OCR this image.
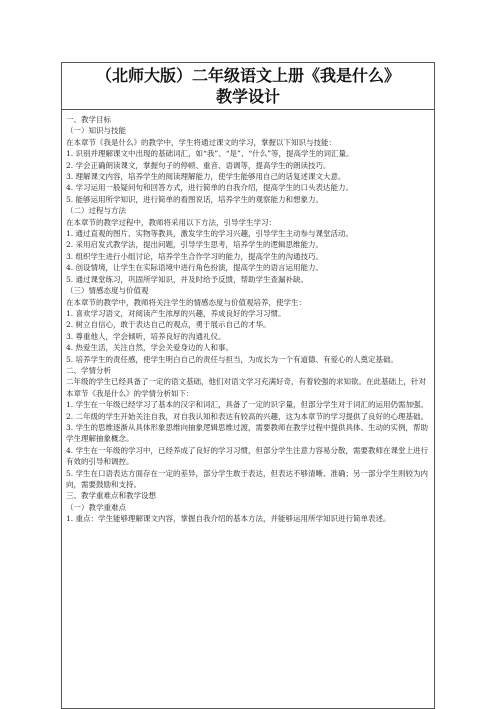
（北师大版）二年级语文上册《我是什么》
教学设计

一、教学目标

（一）知识与技能

在本章节《我是什么》的教学中，学生将通过课文的学习，掌握以下知识与技能：

1. 识别并理解课文中出现的基础词汇，如“我”、“是”、“什么”等，提高学生的词汇量。

2. 学会正确朗读课文，掌握句子的停顿、重音、语调等，提高学生的朗读技巧。

3. 理解课文内容，培养学生的阅读理解能力，使学生能够用自己的话复述课文大意。

4. 学习运用一般疑问句和回答方式，进行简单的自我介绍，提高学生的口头表达能力。

5. 能够运用所学知识，进行简单的看图说话，培养学生的观察能力和想象力。

（二）过程与方法

在本章节的教学过程中，教师将采用以下方法，引导学生学习：

1. 通过直观的图片、实物等教具，激发学生的学习兴趣，引导学生主动参与课堂活动。

2. 采用启发式教学法，提出问题，引导学生思考，培养学生的逻辑思维能力。

3. 组织学生进行小组讨论，培养学生合作学习的能力，提高学生的沟通技巧。

4. 创设情境，让学生在实际语境中进行角色扮演，提高学生的语言运用能力。

5. 通过课堂练习，巩固所学知识，并及时给予反馈，帮助学生查漏补缺。

（三）情感态度与价值观

在本章节的教学中，教师将关注学生的情感态度与价值观培养，使学生：

1. 喜欢学习语文，对阅读产生浓厚的兴趣，养成良好的学习习惯。

2. 树立自信心，敢于表达自己的观点，勇于展示自己的才华。

3. 尊重他人，学会倾听，培养良好的沟通礼仪。

4. 热爱生活，关注自然，学会关爱身边的人和事。

5. 培养学生的责任感，使学生明白自己的责任与担当，为成长为一个有道德、有爱心的人奠定基础。

二、学情分析

二年级的学生已经具备了一定的语文基础，他们对语文学习充满好奇，有着较强的求知欲。在此基础上，针对本章节《我是什么》的学情分析如下：

1. 学生在一年级已经学习了基本的汉字和词汇，具备了一定的识字量，但部分学生对于词汇的运用仍需加强。

2. 二年级的学生开始关注自我，对自我认知和表达有较高的兴趣，这为本章节的学习提供了良好的心理基础。

3. 学生的思维逐渐从具体形象思维向抽象逻辑思维过渡，需要教师在教学过程中提供具体、生动的实例，帮助学生理解抽象概念。

4. 学生在一年级的学习中，已经养成了良好的学习习惯，但部分学生注意力容易分散，需要教师在课堂上进行有效的引导和调控。

5. 学生在口语表达方面存在一定的差异，部分学生敢于表达，但表达不够清晰、准确；另一部分学生则较为内向，需要鼓励和支持。

三、教学重难点和教学设想

（一）教学重难点

1. 重点：学生能够理解课文内容，掌握自我介绍的基本方法，并能够运用所学知识进行简单表述。
